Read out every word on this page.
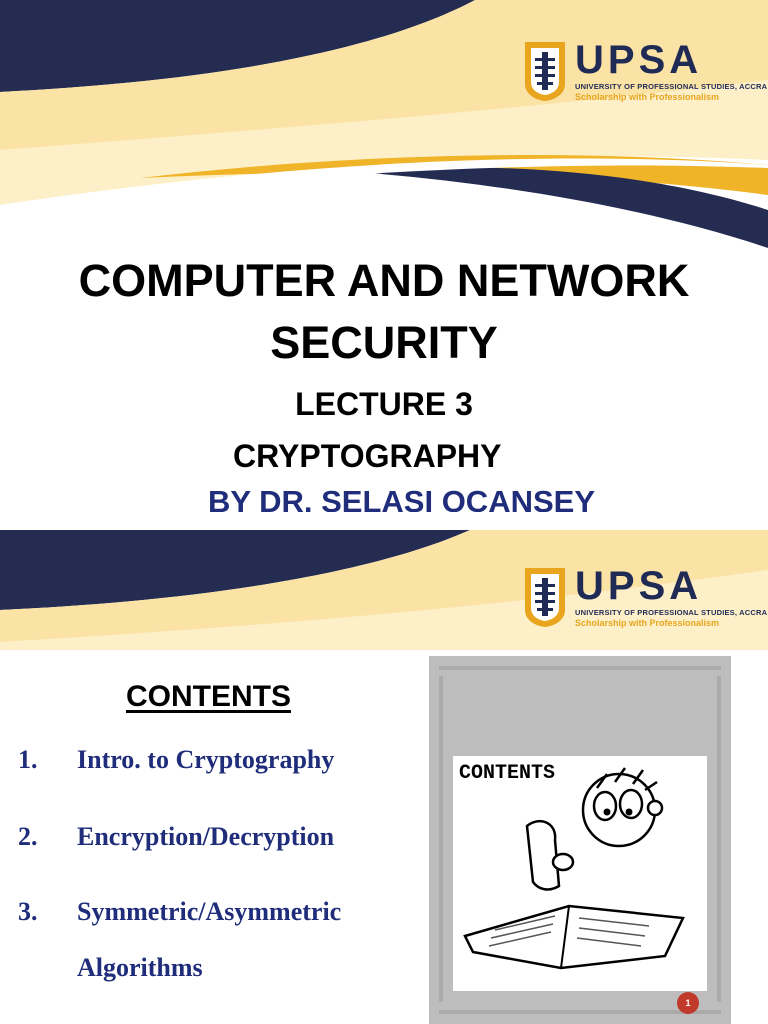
UPSA
UNIVERSITY OF PROFESSIONAL STUDIES, ACCRA
Scholarship with Professionalism

COMPUTER AND NETWORK

SECURITY

LECTURE 3
CRYPTOGRAPHY
BY DR. SELASI OCANSEY
UPSA
UNIVERSITY OF PROFESSIONAL STUDIES, ACCRA
Scholarship with Professionalism
CONTENTS
1.	Intro. to Cryptography
2.	Encryption/Decryption
3.	Symmetric/Asymmetric Algorithms
CONTENTS
1
